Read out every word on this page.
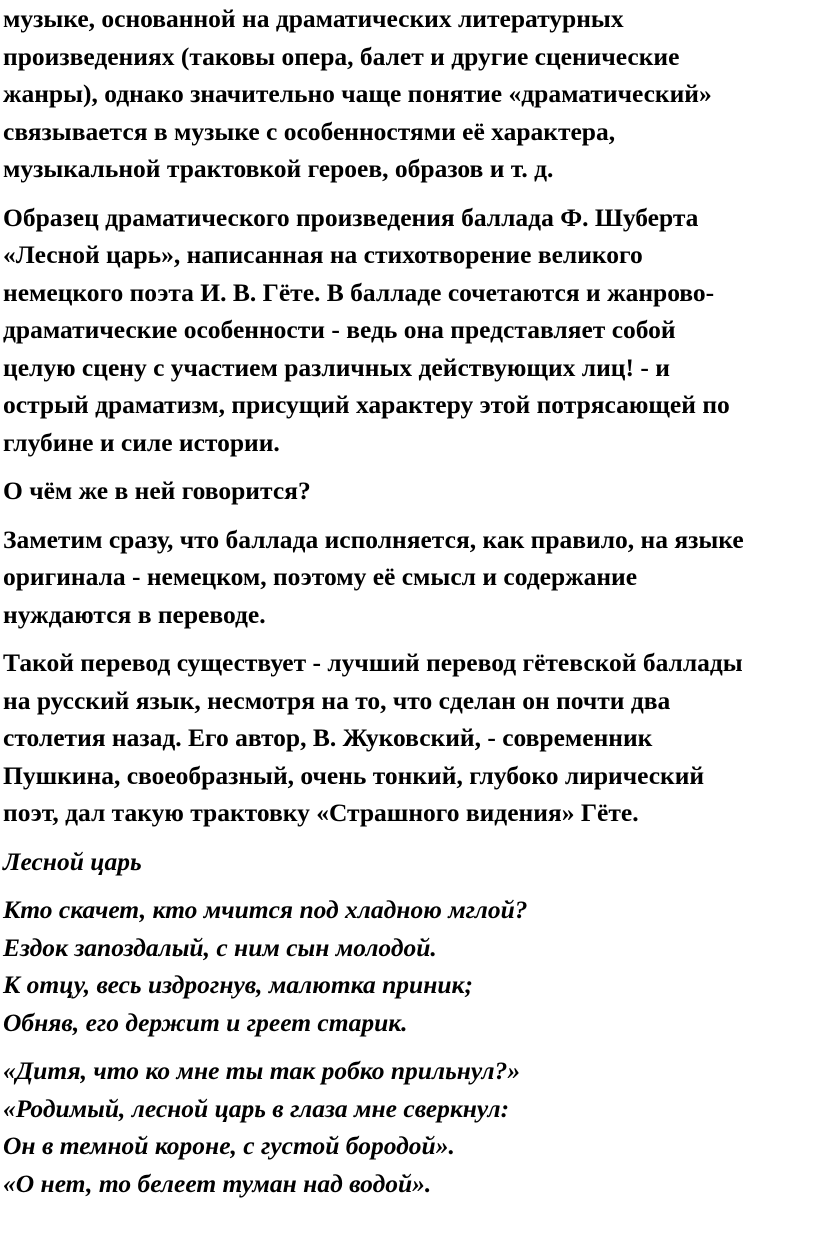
музыке, основанной на драматических литературных
произведениях (таковы опера, балет и другие сценические
жанры), однако значительно чаще понятие «драматический»
связывается в музыке с особенностями её характера,
музыкальной трактовкой героев, образов и т. д.

Образец драматического произведения баллада Ф. Шуберта
«Лесной царь», написанная на стихотворение великого
немецкого поэта И. В. Гёте. В балладе сочетаются и жанрово-
драматические особенности - ведь она представляет собой
целую сцену с участием различных действующих лиц! - и
острый драматизм, присущий характеру этой потрясающей по
глубине и силе истории.

О чём же в ней говорится?

Заметим сразу, что баллада исполняется, как правило, на языке
оригинала - немецком, поэтому её смысл и содержание
нуждаются в переводе.

Такой перевод существует - лучший перевод гётевской баллады
на русский язык, несмотря на то, что сделан он почти два
столетия назад. Его автор, В. Жуковский, - современник
Пушкина, своеобразный, очень тонкий, глубоко лирический
поэт, дал такую трактовку «Страшного видения» Гёте.

Лесной царь

Кто скачет, кто мчится под хладною мглой?
Ездок запоздалый, с ним сын молодой.
К отцу, весь издрогнув, малютка приник;
Обняв, его держит и греет старик.

«Дитя, что ко мне ты так робко прильнул?»
«Родимый, лесной царь в глаза мне сверкнул:
Он в темной короне, с густой бородой».
«О нет, то белеет туман над водой».
